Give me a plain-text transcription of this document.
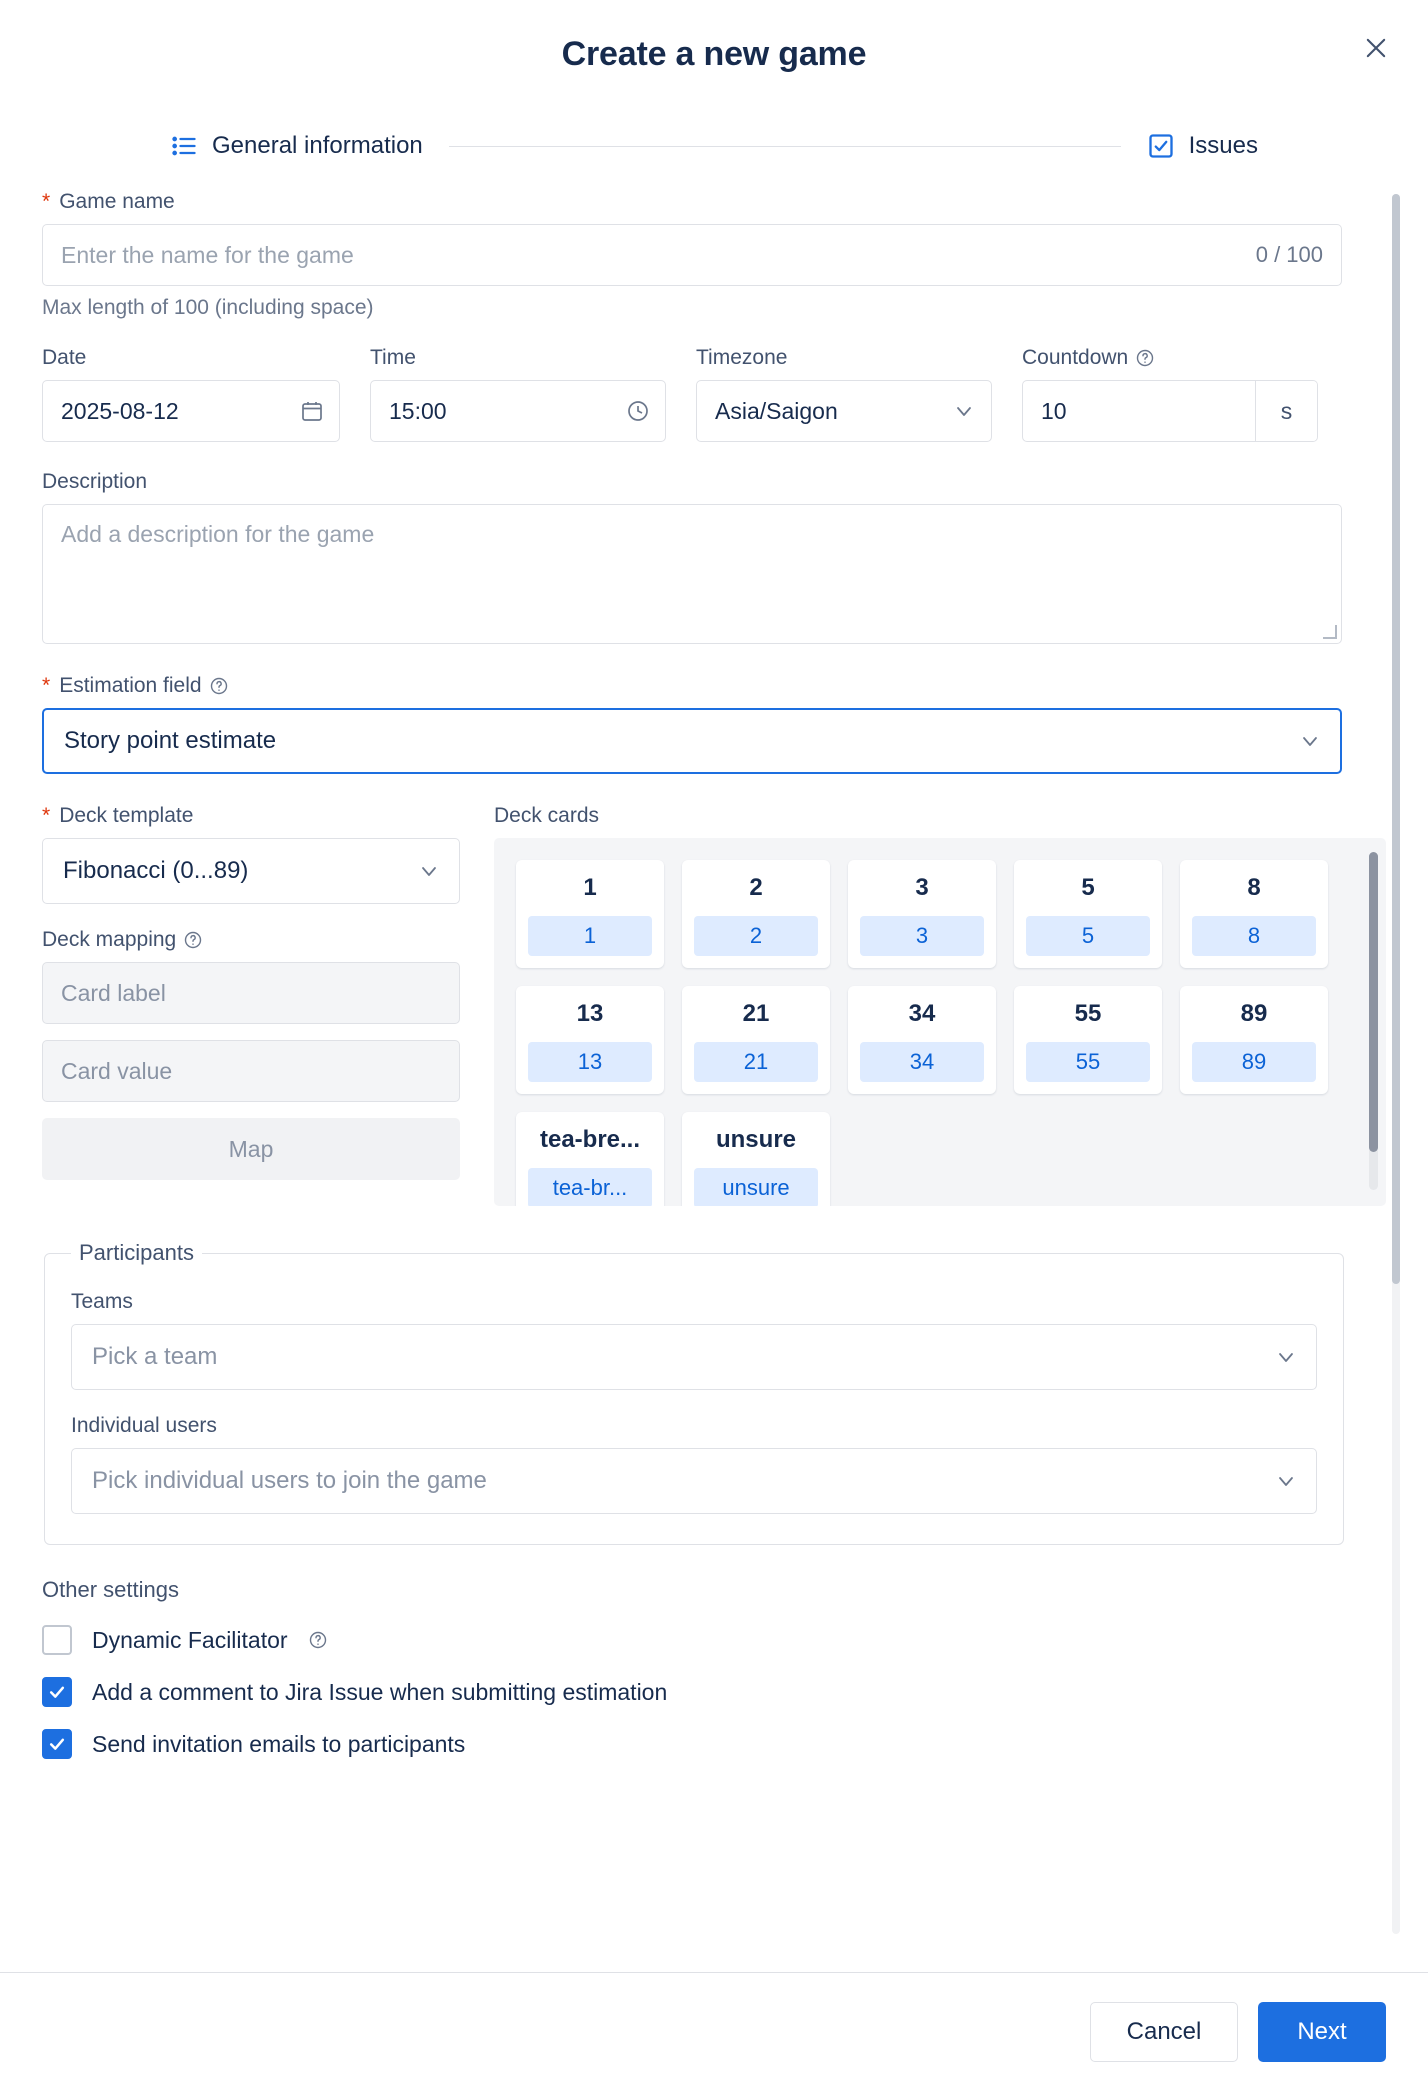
Create a new game
General information	Issues
* Game name
Enter the name for the game	0 / 100
Max length of 100 (including space)
Date
2025-08-12
Time
15:00
Timezone
Asia/Saigon
Countdown
10	s
Description
Add a description for the game
* Estimation field
Story point estimate
* Deck template
Fibonacci (0...89)
Deck mapping
Card label
Card value
Map
Deck cards
1
1
2
2
3
3
5
5
8
8
13
13
21
21
34
34
55
55
89
89
tea-bre...
tea-br...
unsure
unsure
Participants
Teams
Pick a team
Individual users
Pick individual users to join the game
Other settings
Dynamic Facilitator
Add a comment to Jira Issue when submitting estimation
Send invitation emails to participants
Cancel	Next
